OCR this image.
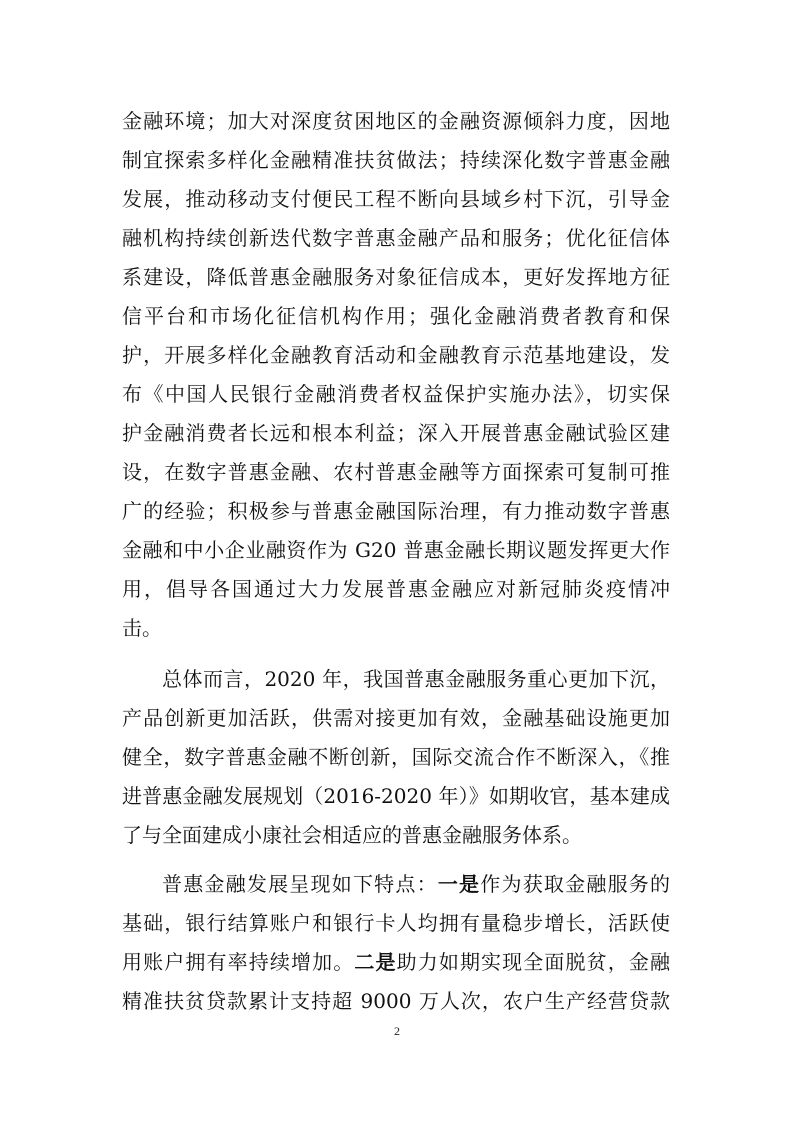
金融环境；加大对深度贫困地区的金融资源倾斜力度，因地
制宜探索多样化金融精准扶贫做法；持续深化数字普惠金融
发展，推动移动支付便民工程不断向县域乡村下沉，引导金
融机构持续创新迭代数字普惠金融产品和服务；优化征信体
系建设，降低普惠金融服务对象征信成本，更好发挥地方征
信平台和市场化征信机构作用；强化金融消费者教育和保
护，开展多样化金融教育活动和金融教育示范基地建设，发
布《中国人民银行金融消费者权益保护实施办法》，切实保
护金融消费者长远和根本利益；深入开展普惠金融试验区建
设，在数字普惠金融、农村普惠金融等方面探索可复制可推
广的经验；积极参与普惠金融国际治理，有力推动数字普惠
金融和中小企业融资作为 G20 普惠金融长期议题发挥更大作
用，倡导各国通过大力发展普惠金融应对新冠肺炎疫情冲
击。
总体而言，2020 年，我国普惠金融服务重心更加下沉，
产品创新更加活跃，供需对接更加有效，金融基础设施更加
健全，数字普惠金融不断创新，国际交流合作不断深入，《推
进普惠金融发展规划（2016-2020 年）》如期收官，基本建成
了与全面建成小康社会相适应的普惠金融服务体系。
普惠金融发展呈现如下特点：一是作为获取金融服务的
基础，银行结算账户和银行卡人均拥有量稳步增长，活跃使
用账户拥有率持续增加。二是助力如期实现全面脱贫，金融
精准扶贫贷款累计支持超 9000 万人次，农户生产经营贷款
2
